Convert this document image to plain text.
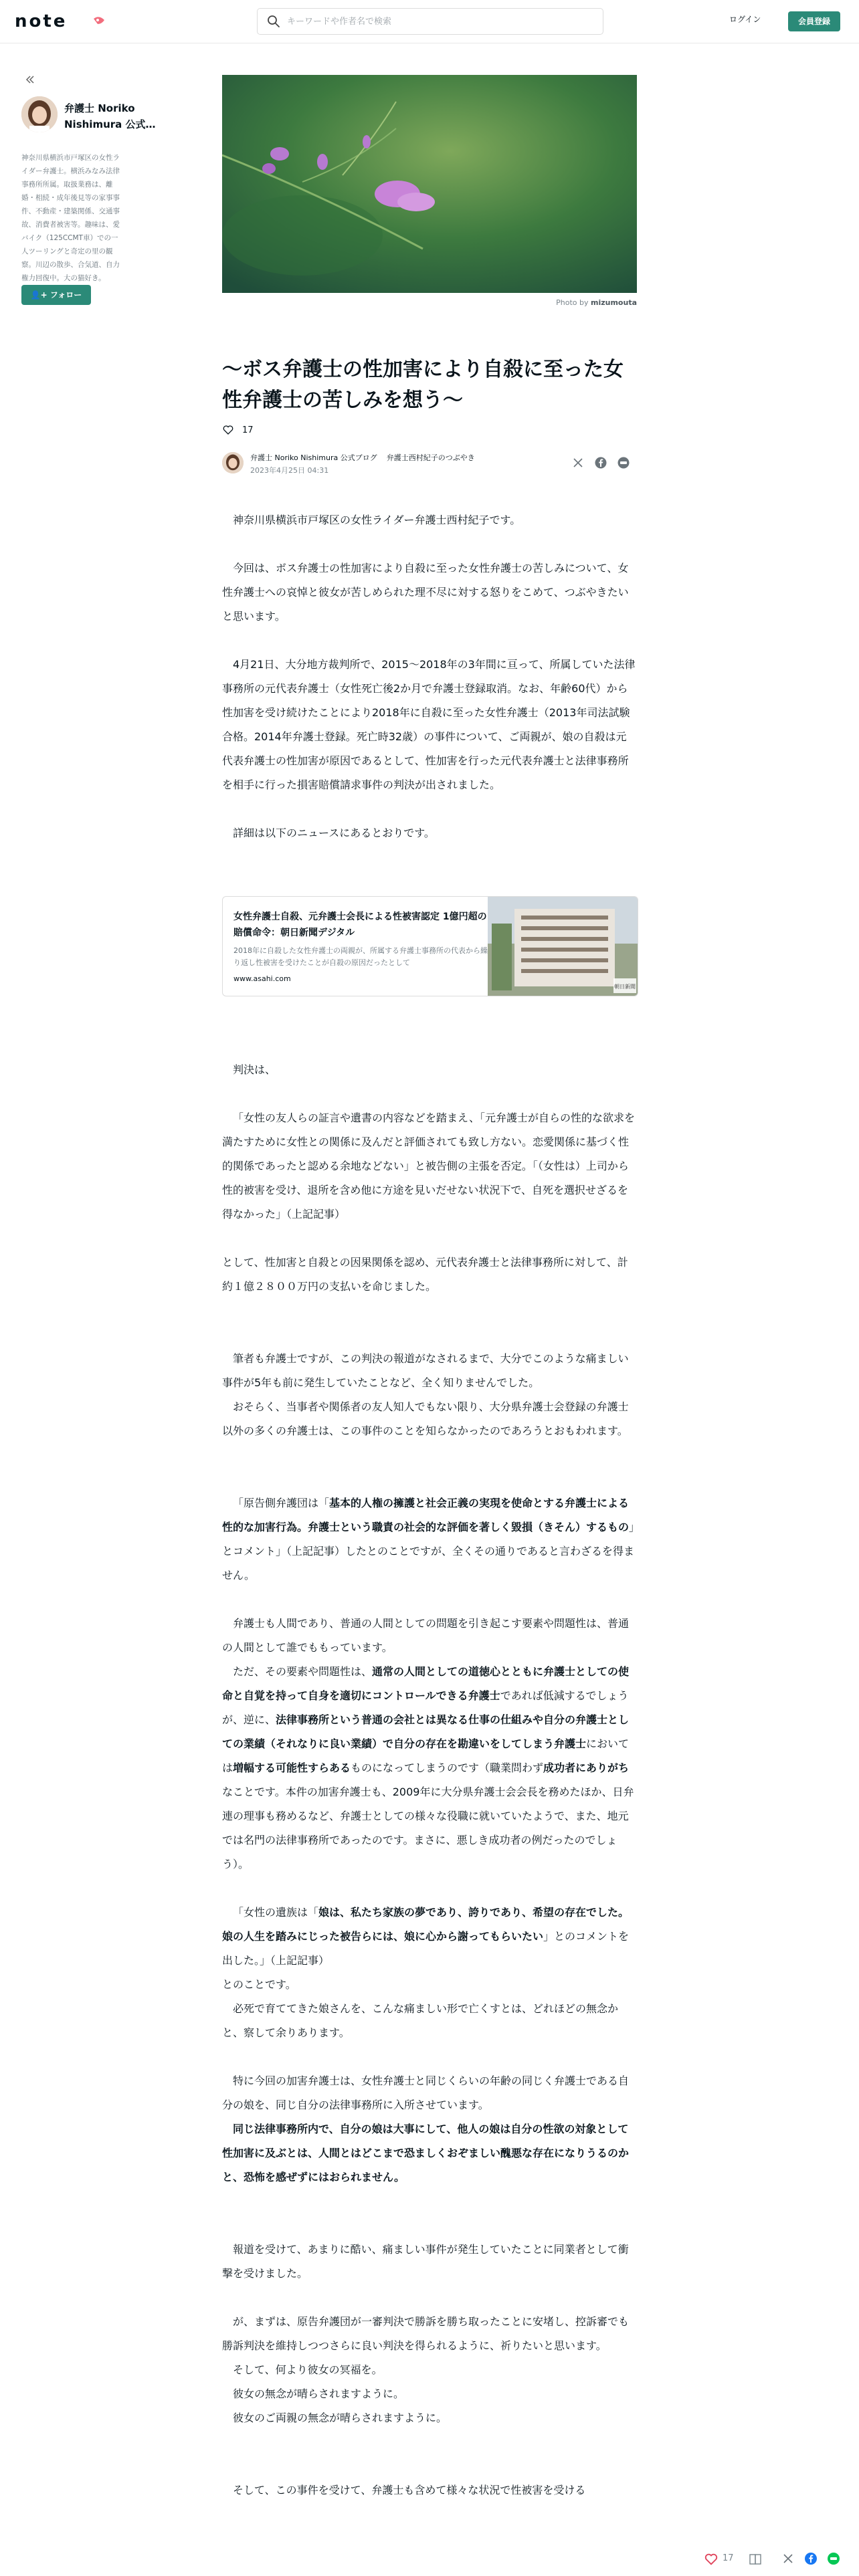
note
キーワードや作者名で検索	ログイン	会員登録
弁護士 Noriko Nishimura 公式…
神奈川県横浜市戸塚区の女性ライダー弁護士。横浜みなみ法律事務所所属。取扱業務は、離婚・相続・成年後見等の家事事件、不動産・建築関係、交通事故、消費者被害等。趣味は、愛バイク（125CCMT車）での一人ツーリングと奇定の里の観察。川辺の散歩、合気道、自力権力回復中。大の猫好き。
👤+ フォロー
Photo by mizumouta
〜ボス弁護士の性加害により自殺に至った女性弁護士の苦しみを想う〜
17
弁護士 Noriko Nishimura 公式ブログ 弁護士西村紀子のつぶやき
2023年4月25日 04:31

神奈川県横浜市戸塚区の女性ライダー弁護士西村紀子です。

今回は、ボス弁護士の性加害により自殺に至った女性弁護士の苦しみについて、女性弁護士への哀悼と彼女が苦しめられた理不尽に対する怒りをこめて、つぶやきたいと思います。

4月21日、大分地方裁判所で、2015〜2018年の3年間に亘って、所属していた法律事務所の元代表弁護士（女性死亡後2か月で弁護士登録取消。なお、年齢60代）から性加害を受け続けたことにより2018年に自殺に至った女性弁護士（2013年司法試験合格。2014年弁護士登録。死亡時32歳）の事件について、ご両親が、娘の自殺は元代表弁護士の性加害が原因であるとして、性加害を行った元代表弁護士と法律事務所を相手に行った損害賠償請求事件の判決が出されました。

詳細は以下のニュースにあるとおりです。

女性弁護士自殺、元弁護士会長による性被害認定 1億円超の賠償命令：朝日新聞デジタル
2018年に自殺した女性弁護士の両親が、所属する弁護士事務所の代表から繰り返し性被害を受けたことが自殺の原因だったとして
www.asahi.com
朝日新聞

判決は、

「女性の友人らの証言や遺書の内容などを踏まえ、「元弁護士が自らの性的な欲求を満たすために女性との関係に及んだと評価されても致し方ない。恋愛関係に基づく性的関係であったと認める余地などない」と被告側の主張を否定。「（女性は）上司から性的被害を受け、退所を含め他に方途を見いだせない状況下で、自死を選択せざるを得なかった」（上記記事）

として、性加害と自殺との因果関係を認め、元代表弁護士と法律事務所に対して、計約１億２８００万円の支払いを命じました。

筆者も弁護士ですが、この判決の報道がなされるまで、大分でこのような痛ましい事件が5年も前に発生していたことなど、全く知りませんでした。

おそらく、当事者や関係者の友人知人でもない限り、大分県弁護士会登録の弁護士以外の多くの弁護士は、この事件のことを知らなかったのであろうとおもわれます。

「原告側弁護団は「基本的人権の擁護と社会正義の実現を使命とする弁護士による性的な加害行為。弁護士という職責の社会的な評価を著しく毀損（きそん）するもの」とコメント」（上記記事）したとのことですが、全くその通りであると言わざるを得ません。

弁護士も人間であり、普通の人間としての問題を引き起こす要素や問題性は、普通の人間として誰でももっています。

ただ、その要素や問題性は、通常の人間としての道徳心とともに弁護士としての使命と自覚を持って自身を適切にコントロールできる弁護士であれば低減するでしょうが、逆に、法律事務所という普通の会社とは異なる仕事の仕組みや自分の弁護士としての業績（それなりに良い業績）で自分の存在を勘違いをしてしまう弁護士においては増幅する可能性すらあるものになってしまうのです（職業問わず成功者にありがちなことです。本件の加害弁護士も、2009年に大分県弁護士会会長を務めたほか、日弁連の理事も務めるなど、弁護士としての様々な役職に就いていたようで、また、地元では名門の法律事務所であったのです。まさに、悪しき成功者の例だったのでしょう）。

「女性の遺族は「娘は、私たち家族の夢であり、誇りであり、希望の存在でした。娘の人生を踏みにじった被告らには、娘に心から謝ってもらいたい」とのコメントを出した。」（上記記事）

とのことです。

必死で育ててきた娘さんを、こんな痛ましい形で亡くすとは、どれほどの無念かと、察して余りあります。

特に今回の加害弁護士は、女性弁護士と同じくらいの年齢の同じく弁護士である自分の娘を、同じ自分の法律事務所に入所させています。

同じ法律事務所内で、自分の娘は大事にして、他人の娘は自分の性欲の対象として性加害に及ぶとは、人間とはどこまで恐ましくおぞましい醜悪な存在になりうるのかと、恐怖を感ぜずにはおられません。

報道を受けて、あまりに酷い、痛ましい事件が発生していたことに同業者として衝撃を受けました。

が、まずは、原告弁護団が一審判決で勝訴を勝ち取ったことに安堵し、控訴審でも勝訴判決を維持しつつさらに良い判決を得られるように、祈りたいと思います。

そして、何より彼女の冥福を。

彼女の無念が晴らされますように。

彼女のご両親の無念が晴らされますように。

そして、この事件を受けて、弁護士も含めて様々な状況で性被害を受ける

17
